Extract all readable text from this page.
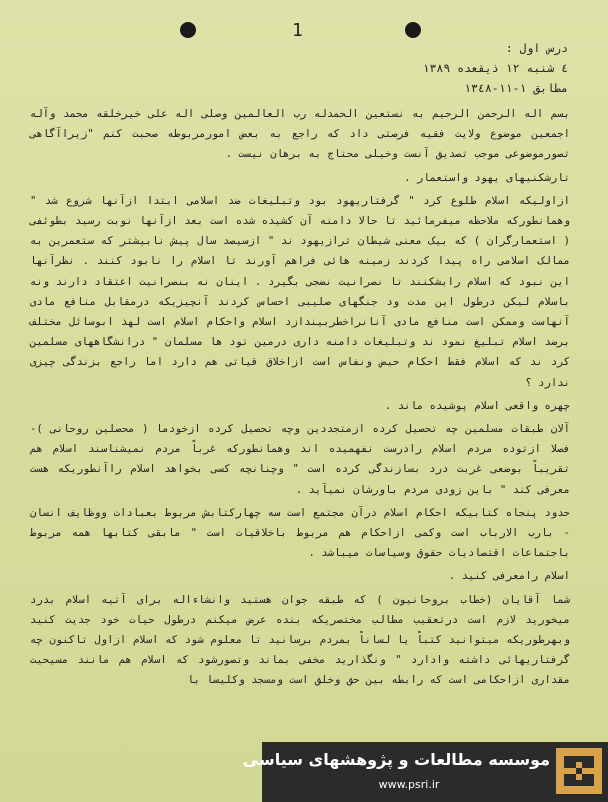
1
درس اول :
٤ شنبه ١٢ ذیقعده ١٣٨٩
مطابق ١-١١-١٣٤٨

بسم اله الرحمن الرحیم به نستعین الحمدله رب العالمین وصلی اله علی خیرخلقه محمد وآله اجمعین موضوع ولایت فقیه فرصتی داد که راجع به بعض امورمربوطه صحبت کنم "زیراآگاهی تصورموضوعی موجب تصدیق آنست وخیلی محتاج به برهان نیست .

تارشکنیهای یهود واستعمار .

ازاولیکه اسلام طلوع کرد " گرفتاریهود بود وتبلیغات ضد اسلامی ابتدا ازآنها شروع شد " وهمانطورکه ملاحظه میفرمائید تا حالا دامنه آن کشیده شده است بعد ازآنها نوبت رسید بطوئفی ( استعمارگران ) که بیک معنی شیطان ترازیهود ند " ازسیصد سال پیش نابیشتر که ستعمرین به ممالک اسلامی راه پیدا کردند زمینه هائی فراهم آورند تا اسلام را نابود کنند . نظرآنها این نبود که اسلام رابشکنند تا نصرانیت نضجی بگیرد . اینان نه بنصرانیت اعتقاد دارند ونه باسلام لیکن درطول این مدت ود جنگهای صلیبی احساس کردند آنچیزیکه درمقابل منافع مادی آنهاست وممکن است منافع مادی آنانراخطربیندازد اسلام واحکام اسلام است لهذ ابوسائل مختلف برضد اسلام تبلیغ نمود ند وتبلیغات دامنه داری درمین تود ها مسلمان " درانشگاههای مسلمین کرد ند که اسلام فقط احکام حیض ونفاس است ازاخلاق قیاتی هم دارد اما راجع بزندگی چیزی ندارد ؟

چهره واقعی اسلام پوشیده ماند .

آلان طبقات مسلمین چه تحصیل کرده ازمتجددین وچه تحصیل کرده ازخودما ( محصلین روحانی )- فصلا ازتوده مردم اسلام رادرست نفهمیده اند وهمانطورکه غرباً مردم نمیشناسند اسلام هم تقریباً بوضعی غربت درد بسازندگی کرده است " وچنانچه کسی بخواهد اسلام راآنطوریکه هست معرفی کند " باین زودی مردم باورشان نمیآید .

حدود پنجاه کتابیکه احکام اسلام درآن مجتمع است سه چهارکتابش مربوط بعبادات ووظایف انسان - بارب الارباب است وکمی ازاحکام هم مربوط باخلاقیات است " مابقی کتابها همه مربوط باجتماعات اقتصادیات حقوق وسیاسات میباشد .

اسلام رامعرفی کنید .

شما آقایان (خطاب بروحانیون ) که طبقه جوان هستید وانشاءاله برای آتیه اسلام بدرد میخورید لازم است درتعقیب مطالب مختصریکه بنده عرض میکنم درطول حیات خود جدیت کنید وبهرطوریکه میتوانید کتباً یا لساناً بمردم برسانید تا معلوم شود که اسلام ازاول تاکنون چه گرفتاریهائی داشته وادارد " ونگذارید مخفی بماند وتصورشود که اسلام هم مانند مسیحیت مقداری ازاحکامی است که رابطه بین حق وخلق است ومسجد وکلیسا با

موسسه مطالعات و پژوهشهای سیاسی
www.psri.ir
